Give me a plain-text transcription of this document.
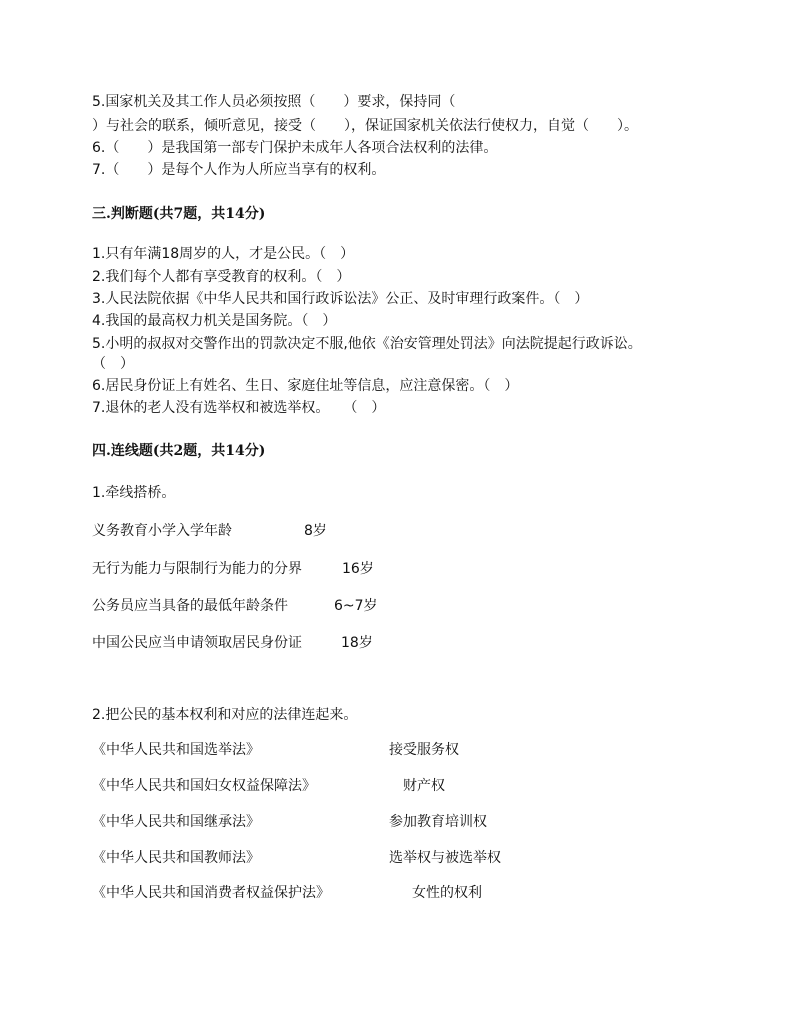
5.国家机关及其工作人员必须按照（　　）要求，保持同（
）与社会的联系，倾听意见，接受（　　），保证国家机关依法行使权力，自觉（　　）。
6.（　　）是我国第一部专门保护未成年人各项合法权利的法律。
7.（　　）是每个人作为人所应当享有的权利。
三.判断题(共7题，共14分)
1.只有年满18周岁的人，才是公民。（　）
2.我们每个人都有享受教育的权利。（　）
3.人民法院依据《中华人民共和国行政诉讼法》公正、及时审理行政案件。（　）
4.我国的最高权力机关是国务院。（　）
5.小明的叔叔对交警作出的罚款决定不服,他依《治安管理处罚法》向法院提起行政诉讼。
（　）
6.居民身份证上有姓名、生日、家庭住址等信息，应注意保密。（　）
7.退休的老人没有选举权和被选举权。　　（　）
四.连线题(共2题，共14分)
1.牵线搭桥。
义务教育小学入学年龄	8岁
无行为能力与限制行为能力的分界	16岁
公务员应当具备的最低年龄条件	6~7岁
中国公民应当申请领取居民身份证	18岁
2.把公民的基本权利和对应的法律连起来。
《中华人民共和国选举法》	接受服务权
《中华人民共和国妇女权益保障法》	财产权
《中华人民共和国继承法》	参加教育培训权
《中华人民共和国教师法》	选举权与被选举权
《中华人民共和国消费者权益保护法》	女性的权利
